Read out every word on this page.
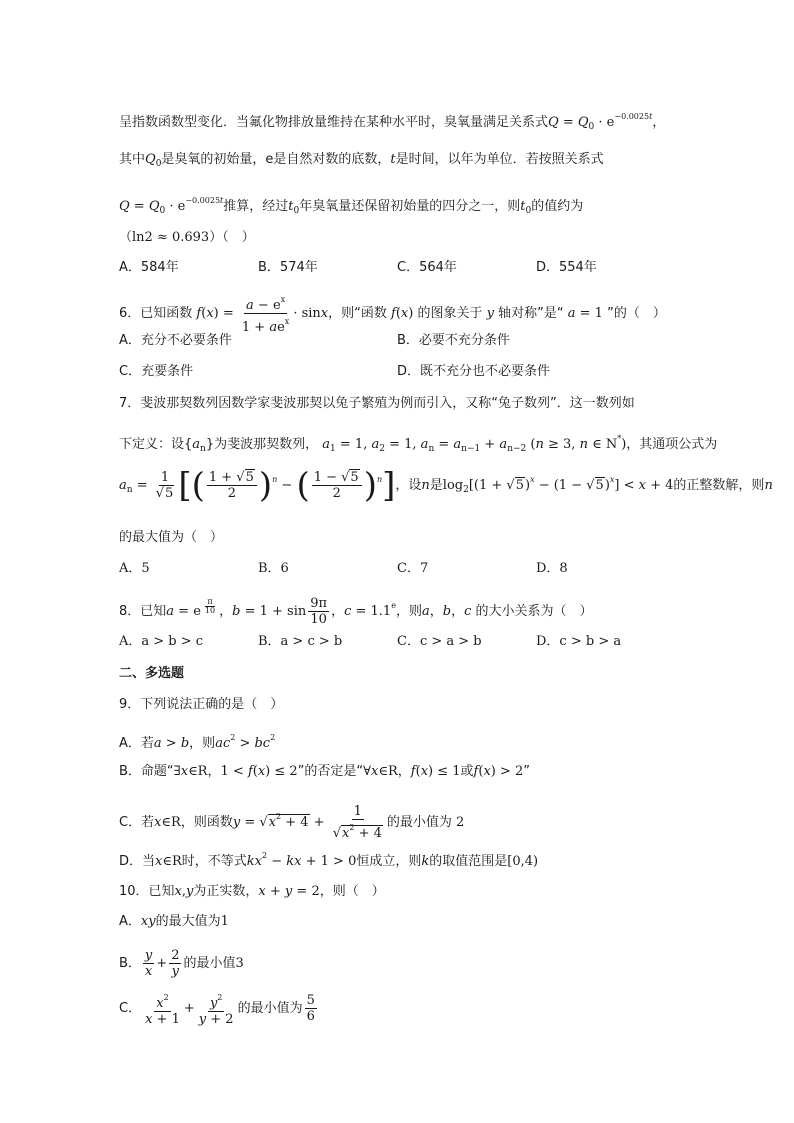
呈指数函数型变化．当氟化物排放量维持在某种水平时，臭氧量满足关系式$Q = Q_0 \cdot e^{-0.0025t}$，
其中$Q_0$是臭氧的初始量，e是自然对数的底数，t是时间，以年为单位．若按照关系式
$Q = Q_0 \cdot e^{-0.0025t}$推算，经过$t_0$年臭氧量还保留初始量的四分之一，则$t_0$的值约为
（ln2 ≈ 0.693）（　）
A．584年	B．574年	C．564年	D．554年
6．已知函数 $f(x) = \frac{a - e^x}{1 + ae^x} \cdot \sin x$，则“函数 f(x) 的图象关于 y 轴对称”是“ a = 1 ”的（　）
A．充分不必要条件	B．必要不充分条件
C．充要条件	D．既不充分也不必要条件
7．斐波那契数列因数学家斐波那契以兔子繁殖为例而引入，又称“兔子数列”．这一数列如
下定义：设$\{a_n\}$为斐波那契数列， $a_1 = 1$, $a_2 = 1$, $a_n = a_{n-1} + a_{n-2}$ (n ≥ 3, n ∈ N*)，其通项公式为
$a_n = \frac{1}{√5}$ [( $\frac{1 + √5}{2} )^n$ − ( $\frac{1 - √5}{2} )^n$]，设n是$\log_2[(1 + √5)^x - (1 - √5)^x] < x + 4$的正整数解，则n
的最大值为（　）
A．5	B．6	C．7	D．8
8．已知a = e $^{\frac{\pi}{10}}$ ，$b = 1 + \sin \frac{9\pi}{10}$ ，c = 1.1$^e$，则a，b，c 的大小关系为（　）
A．a > b > c	B．a > c > b	C．c > a > b	D．c > b > a
二、多选题
9．下列说法正确的是（　）
A．若a > b，则$ac^2 > bc^2$
B．命题“∃x∈R，1 < f(x) ≤ 2”的否定是“∀x∈R，f(x) ≤ 1或f(x) > 2”
C．若x∈R，则函数$y = √x^2 + 4 + \frac{1}{√x^2 + 4}$ 的最小值为 2
D．当x∈R时，不等式$kx^2$ − kx + 1 > 0恒成立，则k的取值范围是[0,4)
10．已知x,y为正实数，x + y = 2，则（　）
A．xy的最大值为1
B． $\frac{y}{x} + \frac{2}{y}$ 的最小值3
C． $\frac{x^2}{x + 1} + \frac{y^2}{y + 2}$ 的最小值为 $\frac{5}{6}$
